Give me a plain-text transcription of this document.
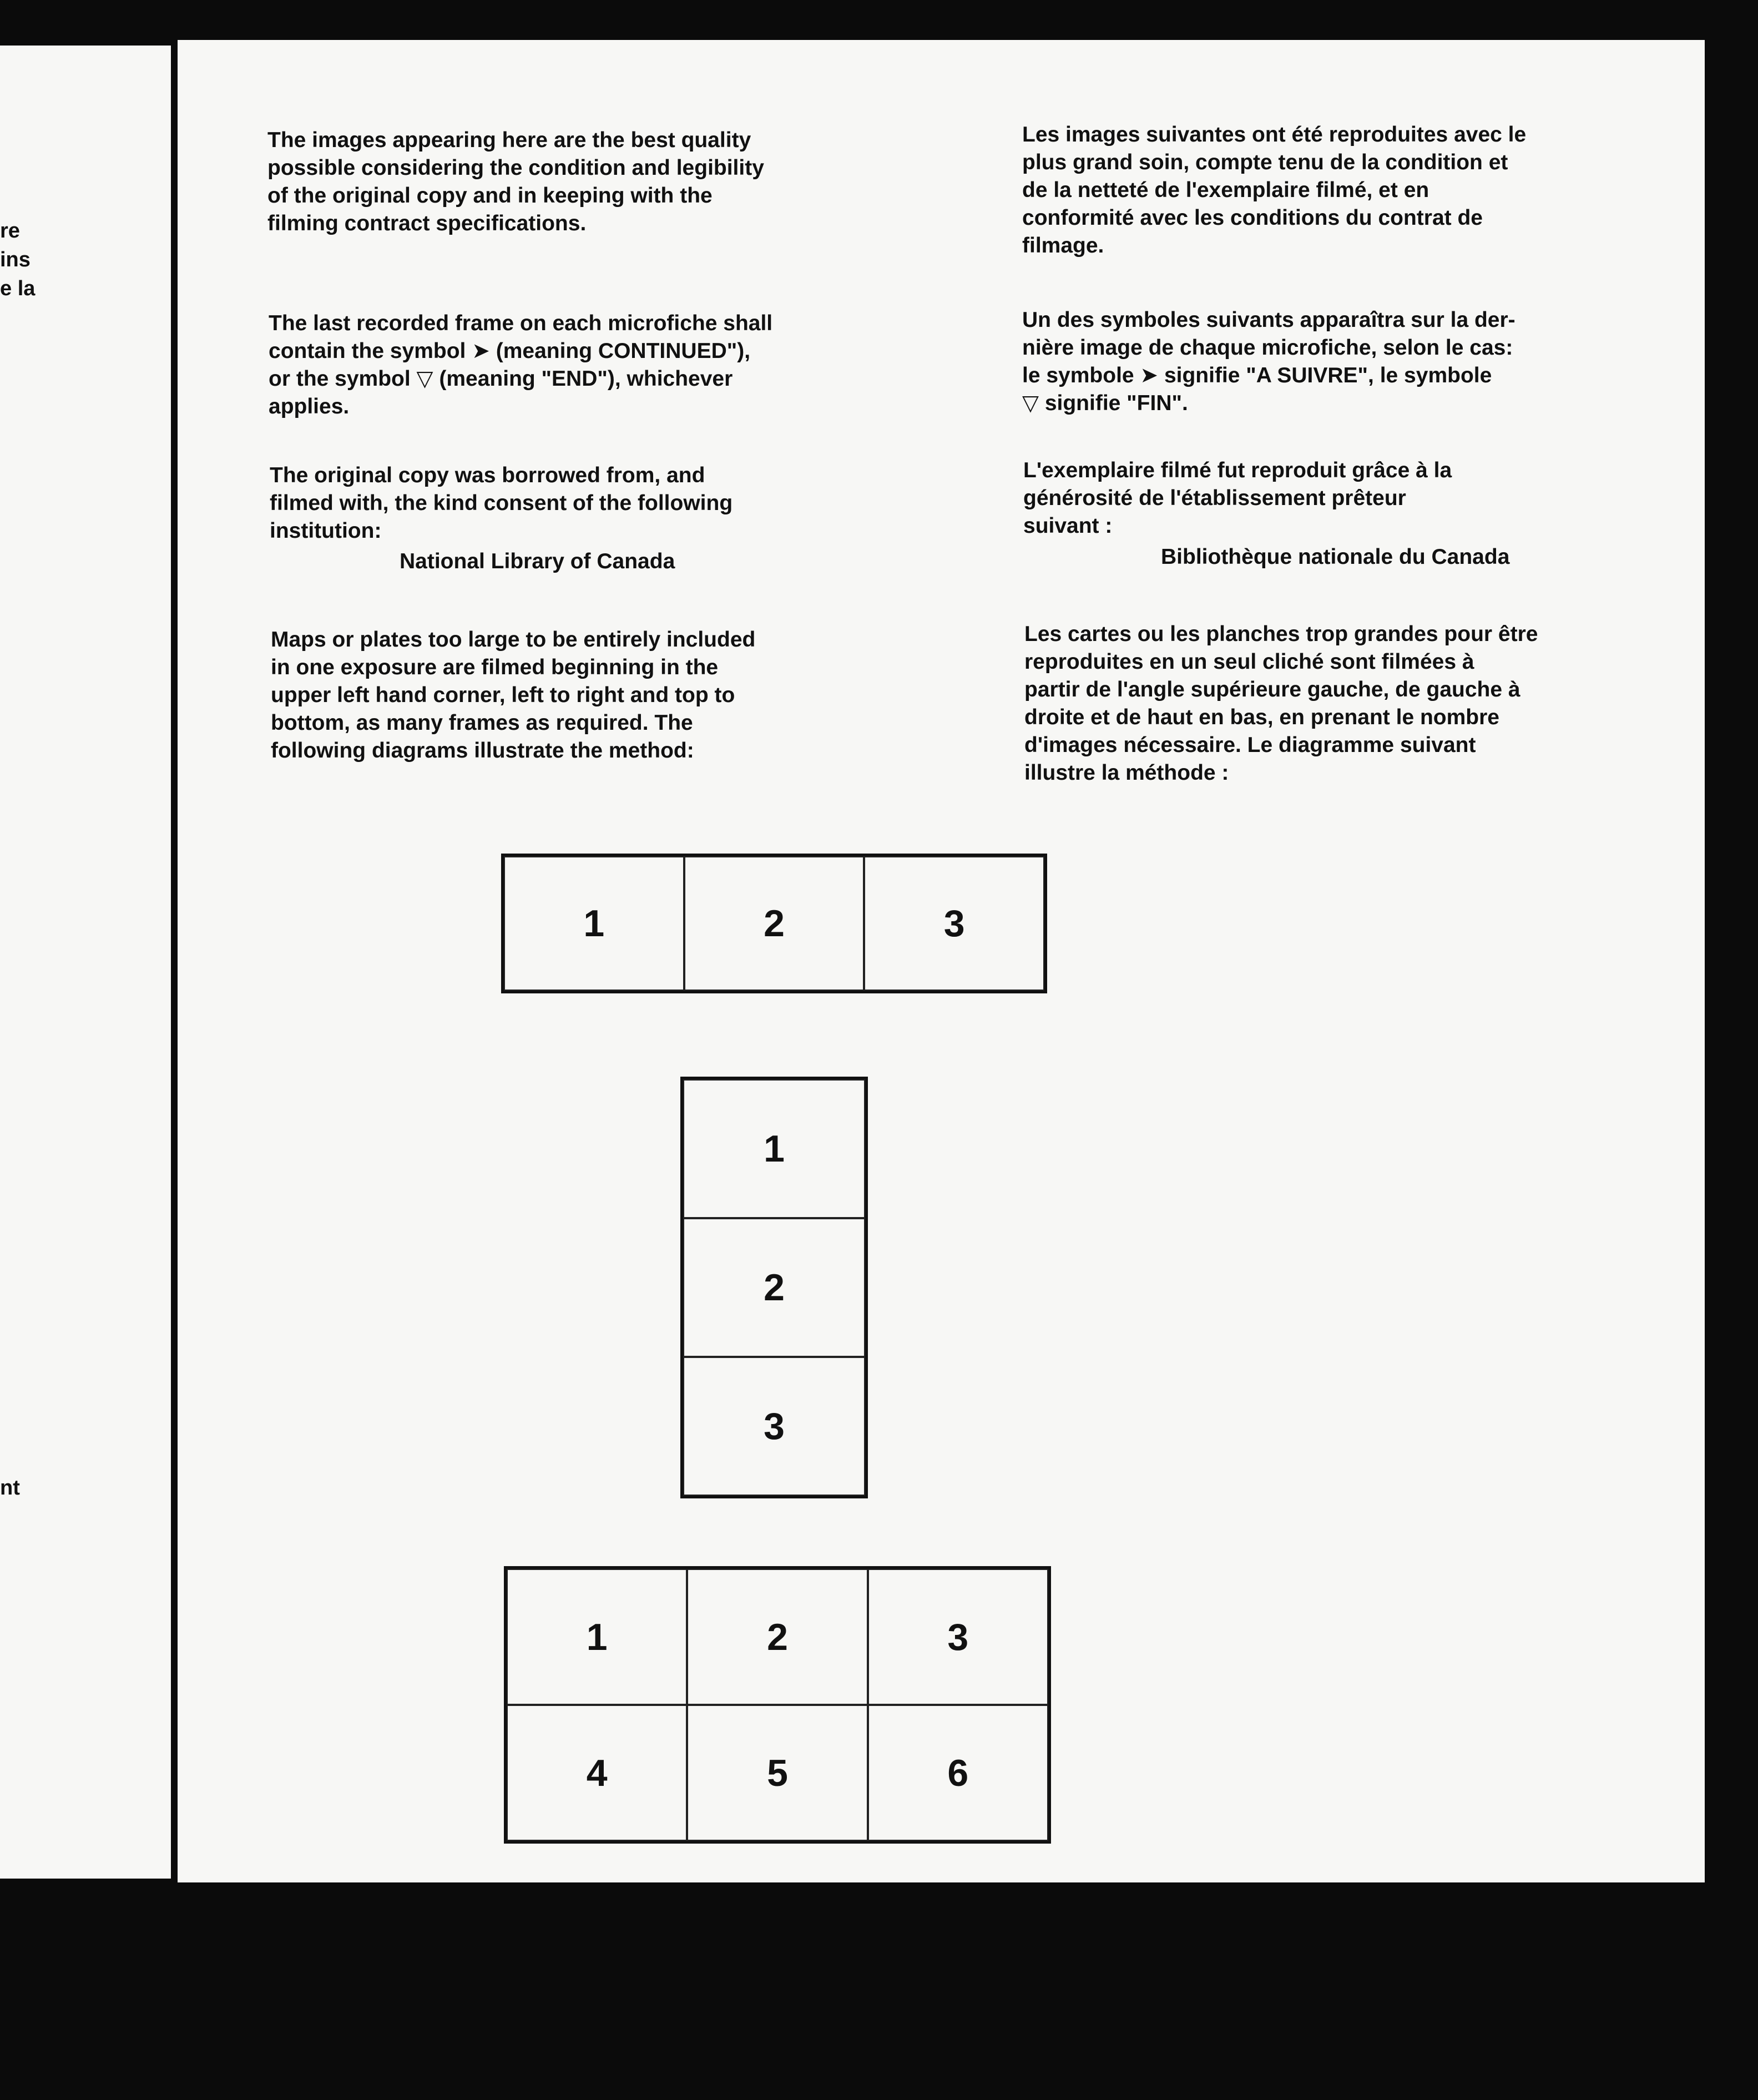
re
ins
e la
nt

The images appearing here are the best quality
possible considering the condition and legibility
of the original copy and in keeping with the
filming contract specifications.

The last recorded frame on each microfiche shall
contain the symbol ➤ (meaning CONTINUED"),
or the symbol ▽ (meaning "END"), whichever
applies.

The original copy was borrowed from, and
filmed with, the kind consent of the following
institution:

National Library of Canada

Maps or plates too large to be entirely included
in one exposure are filmed beginning in the
upper left hand corner, left to right and top to
bottom, as many frames as required. The
following diagrams illustrate the method:

Les images suivantes ont été reproduites avec le
plus grand soin, compte tenu de la condition et
de la netteté de l'exemplaire filmé, et en
conformité avec les conditions du contrat de
filmage.

Un des symboles suivants apparaîtra sur la der-
nière image de chaque microfiche, selon le cas:
le symbole ➤ signifie "A SUIVRE", le symbole
▽ signifie "FIN".

L'exemplaire filmé fut reproduit grâce à la
générosité de l'établissement prêteur
suivant :

Bibliothèque nationale du Canada

Les cartes ou les planches trop grandes pour être
reproduites en un seul cliché sont filmées à
partir de l'angle supérieure gauche, de gauche à
droite et de haut en bas, en prenant le nombre
d'images nécessaire. Le diagramme suivant
illustre la méthode :

1	2	3
1
2
3
1	2	3
4	5	6
